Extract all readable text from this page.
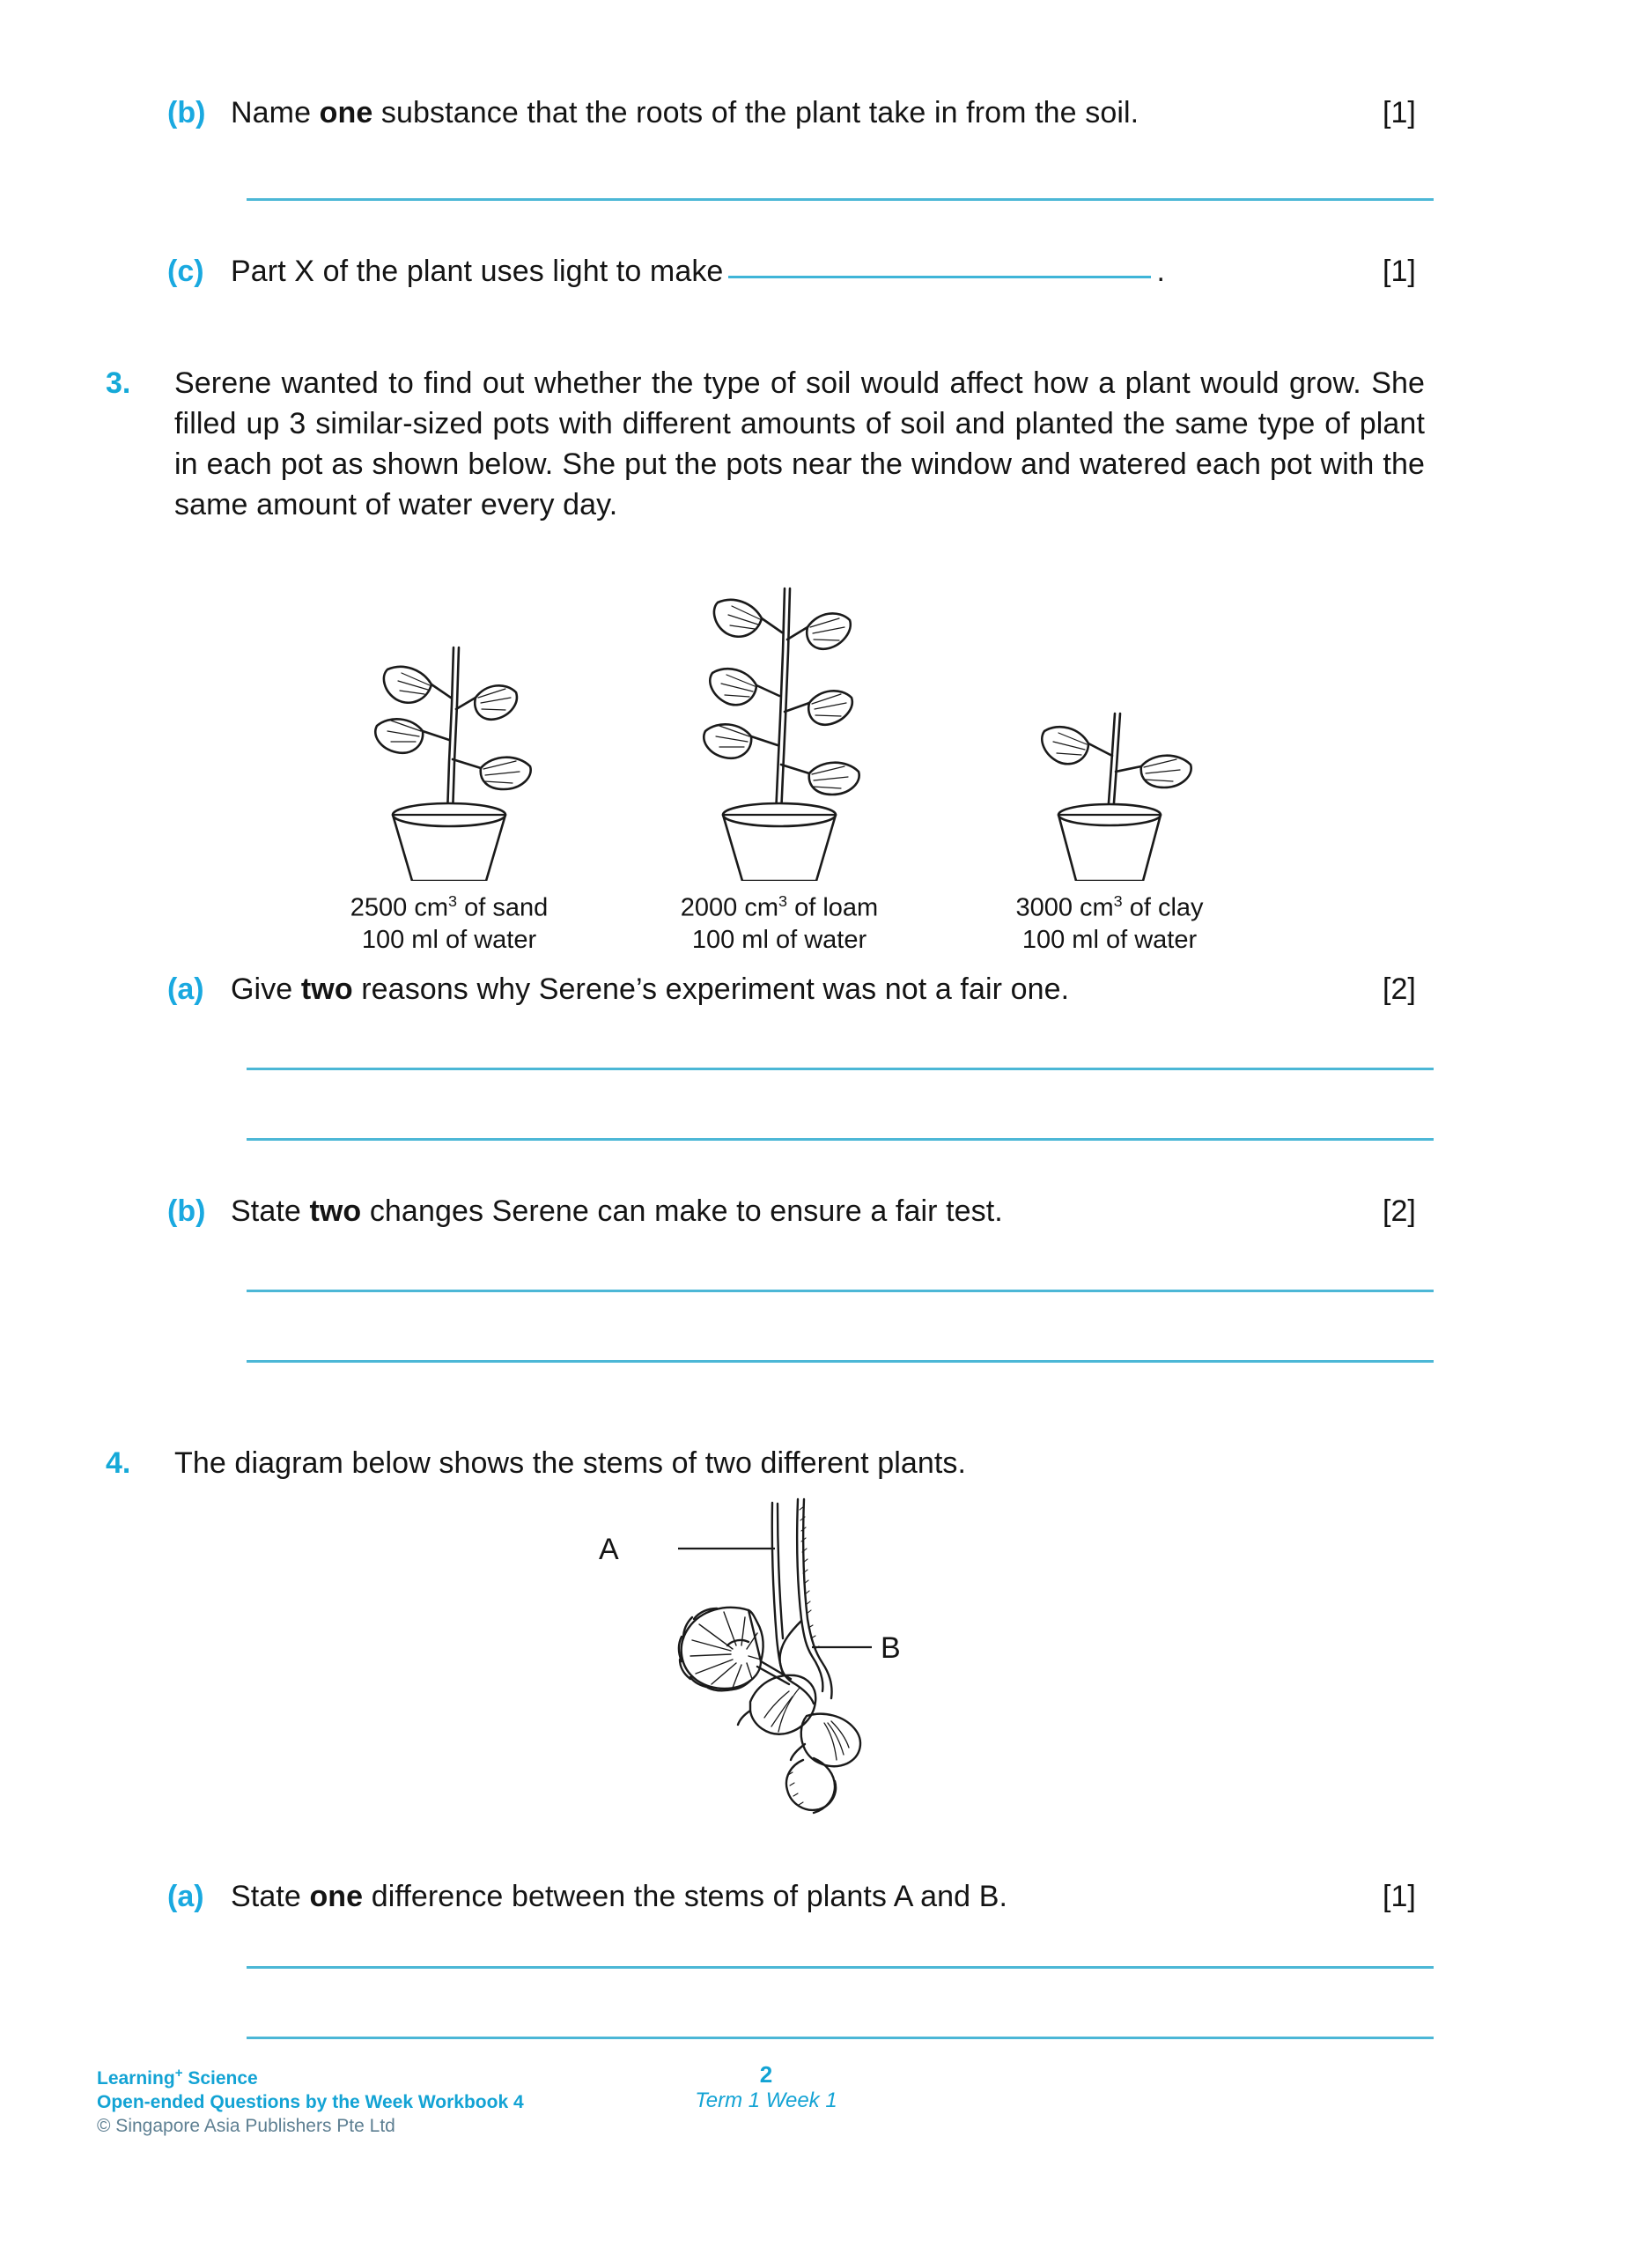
(b) Name one substance that the roots of the plant take in from the soil.	[1]
(c) Part X of the plant uses light to make	.	[1]
3.	Serene wanted to find out whether the type of soil would affect how a plant would grow. She filled up 3 similar-sized pots with different amounts of soil and planted the same type of plant in each pot as shown below. She put the pots near the window and watered each pot with the same amount of water every day.
2500 $cm^3$ of sand
100 ml of water
2000 $cm^3$ of loam
100 ml of water
3000 $cm^3$ of clay
100 ml of water
(a) Give two reasons why Serene’s experiment was not a fair one.	[2]
(b) State two changes Serene can make to ensure a fair test.	[2]
4.	The diagram below shows the stems of two different plants.
A
B
(a) State one difference between the stems of plants A and B.	[1]
Learning+ Science
Open-ended Questions by the Week Workbook 4
© Singapore Asia Publishers Pte Ltd
2
Term 1 Week 1
